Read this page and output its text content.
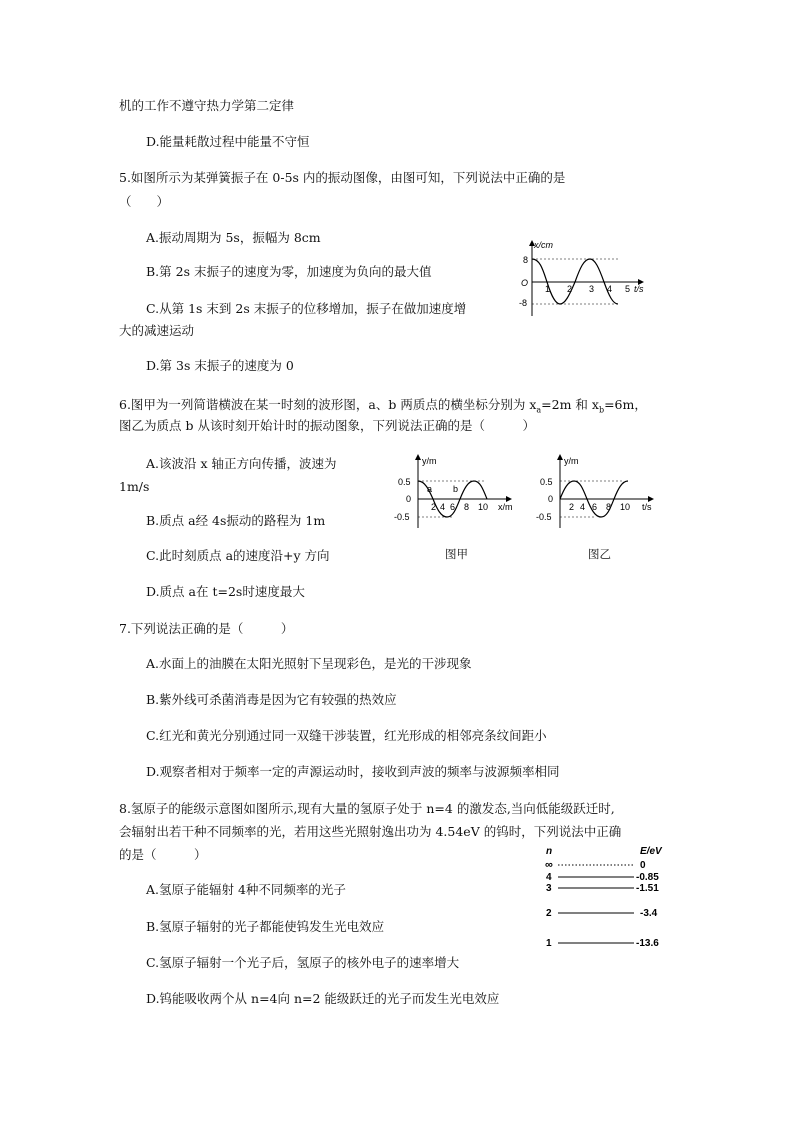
机的工作不遵守热力学第二定律
D.能量耗散过程中能量不守恒
5.如图所示为某弹簧振子在 0-5s 内的振动图像，由图可知，下列说法中正确的是
（　　）
A.振动周期为 5s，振幅为 8cm
B.第 2s 末振子的速度为零，加速度为负向的最大值
C.从第 1s 末到 2s 末振子的位移增加，振子在做加速度增
大的减速运动
D.第 3s 末振子的速度为 0
x/cm
t/s
O
8
-8
1 2 3 4 5
6.图甲为一列简谐横波在某一时刻的波形图，a、b 两质点的横坐标分别为 $x_a=2m$ 和 $x_b=6m$，
图乙为质点 b 从该时刻开始计时的振动图象，下列说法正确的是（　　　）
A.该波沿 x 轴正方向传播，波速为
1m/s
B.质点 a经 4s振动的路程为 1m
C.此时刻质点 a的速度沿+y 方向
D.质点 a在 t=2s时速度最大
y/m
x/m
0.5
0
-0.5
2 4 6 8 10
a b
图甲
y/m
t/s
0.5
0
-0.5
2 4 6 8 10
图乙
7.下列说法正确的是（　　　）
A.水面上的油膜在太阳光照射下呈现彩色，是光的干涉现象
B.紫外线可杀菌消毒是因为它有较强的热效应
C.红光和黄光分别通过同一双缝干涉装置，红光形成的相邻亮条纹间距小
D.观察者相对于频率一定的声源运动时，接收到声波的频率与波源频率相同
8.氢原子的能级示意图如图所示,现有大量的氢原子处于 n=4 的激发态,当向低能级跃迁时,
会辐射出若干种不同频率的光，若用这些光照射逸出功为 4.54eV 的钨时，下列说法中正确
的是（　　　）
A.氢原子能辐射 4种不同频率的光子
B.氢原子辐射的光子都能使钨发生光电效应
C.氢原子辐射一个光子后，氢原子的核外电子的速率增大
D.钨能吸收两个从 n=4向 n=2 能级跃迁的光子而发生光电效应
n	E/eV
∞	0
4	-0.85
3	-1.51
2	-3.4
1	-13.6
